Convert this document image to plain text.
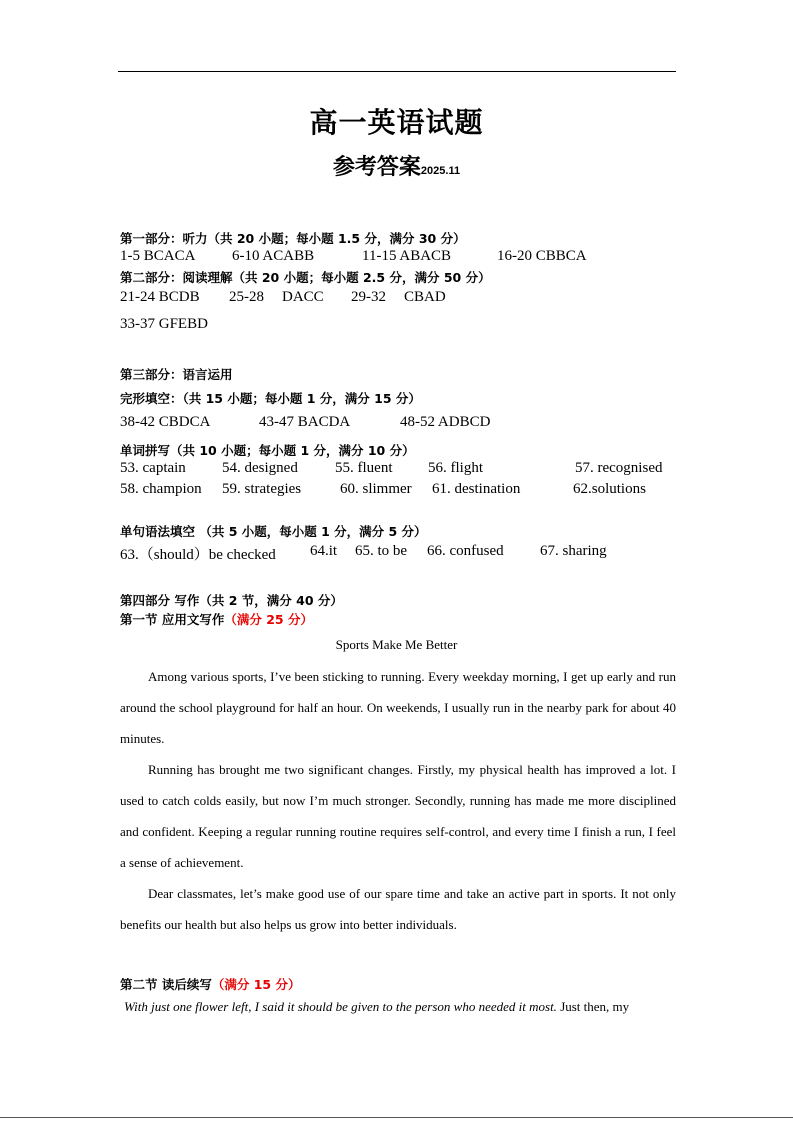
高一英语试题
参考答案2025.11
第一部分：听力（共 20 小题；每小题 1.5 分，满分 30 分）
1-5 BCACA 6-10 ACABB	11-15 ABACB	16-20 CBBCA
第二部分：阅读理解（共 20 小题；每小题 2.5 分，满分 50 分）
21-24 BCDB 25-28 DACC 29-32 CBAD
33-37 GFEBD
第三部分：语言运用
完形填空：（共 15 小题；每小题 1 分，满分 15 分）
38-42 CBDCA	43-47 BACDA	48-52 ADBCD
单词拼写（共 10 小题；每小题 1 分，满分 10 分）
53. captain 54. designed 55. fluent 56. flight	57. recognised
58. champion 59. strategies	60. slimmer 61. destination	62.solutions
单句语法填空 （共 5 小题，每小题 1 分，满分 5 分）
63.（should）be checked 64.it 65. to be 66. confused 67. sharing
第四部分 写作（共 2 节，满分 40 分）
第一节 应用文写作（满分 25 分）
Sports Make Me Better
Among various sports, I’ve been sticking to running. Every weekday morning, I get up early and run around the school playground for half an hour. On weekends, I usually run in the nearby park for about 40 minutes.
Running has brought me two significant changes. Firstly, my physical health has improved a lot. I used to catch colds easily, but now I’m much stronger. Secondly, running has made me more disciplined and confident. Keeping a regular running routine requires self-control, and every time I finish a run, I feel a sense of achievement.
Dear classmates, let’s make good use of our spare time and take an active part in sports. It not only benefits our health but also helps us grow into better individuals.
第二节 读后续写（满分 15 分）
With just one flower left, I said it should be given to the person who needed it most. Just then, my
